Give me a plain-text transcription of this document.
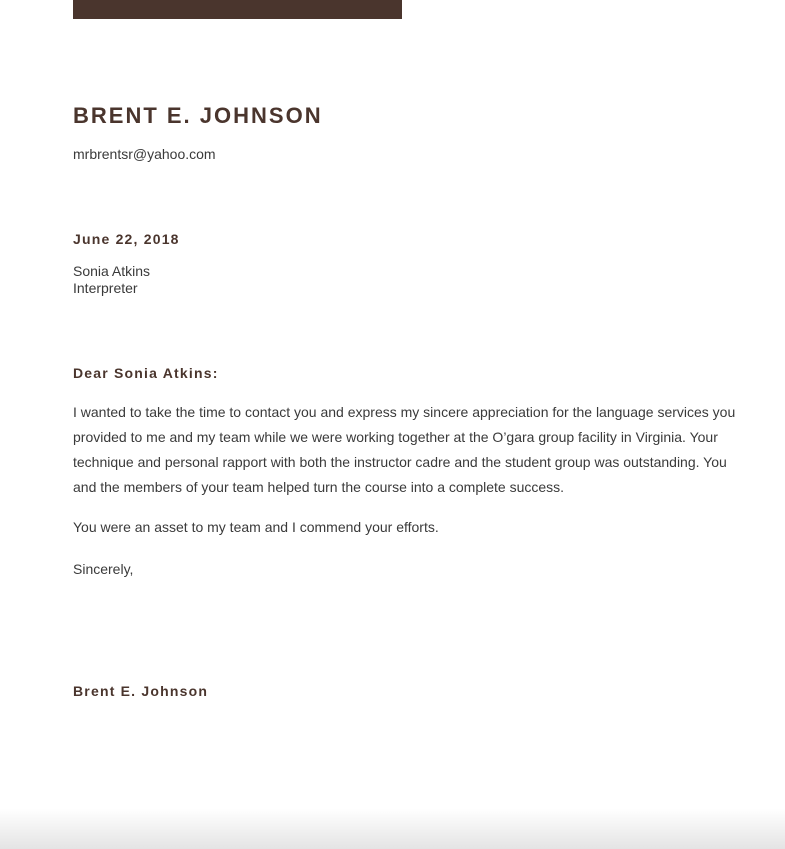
BRENT E. JOHNSON
mrbrentsr@yahoo.com
June 22, 2018
Sonia Atkins
Interpreter
Dear Sonia Atkins:

I wanted to take the time to contact you and express my sincere appreciation for the language services you provided to me and my team while we were working together at the O’gara group facility in Virginia. Your technique and personal rapport with both the instructor cadre and the student group was outstanding. You and the members of your team helped turn the course into a complete success.

You were an asset to my team and I commend your efforts.

Sincerely,
Brent E. Johnson
